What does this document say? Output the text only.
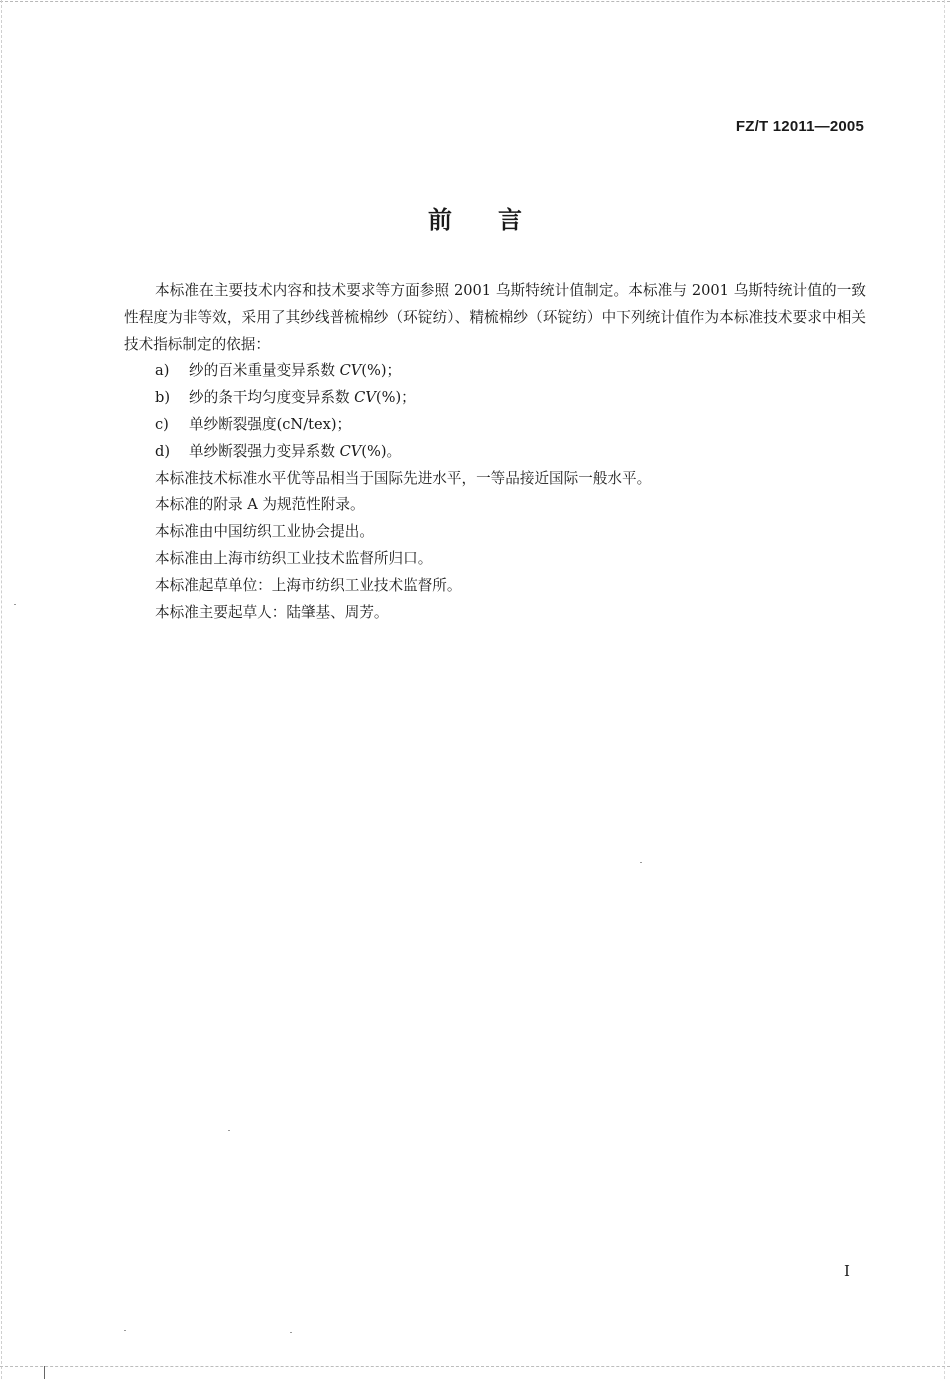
FZ/T 12011—2005
前言

本标准在主要技术内容和技术要求等方面参照 2001 乌斯特统计值制定。本标准与 2001 乌斯特统计值的一致性程度为非等效，采用了其纱线普梳棉纱（环锭纺）、精梳棉纱（环锭纺）中下列统计值作为本标准技术要求中相关技术指标制定的依据：

a) 纱的百米重量变异系数 CV(%)；

b) 纱的条干均匀度变异系数 CV(%)；

c) 单纱断裂强度(cN/tex)；

d) 单纱断裂强力变异系数 CV(%)。

本标准技术标准水平优等品相当于国际先进水平，一等品接近国际一般水平。

本标准的附录 A 为规范性附录。

本标准由中国纺织工业协会提出。

本标准由上海市纺织工业技术监督所归口。

本标准起草单位：上海市纺织工业技术监督所。

本标准主要起草人：陆肇基、周芳。

I
